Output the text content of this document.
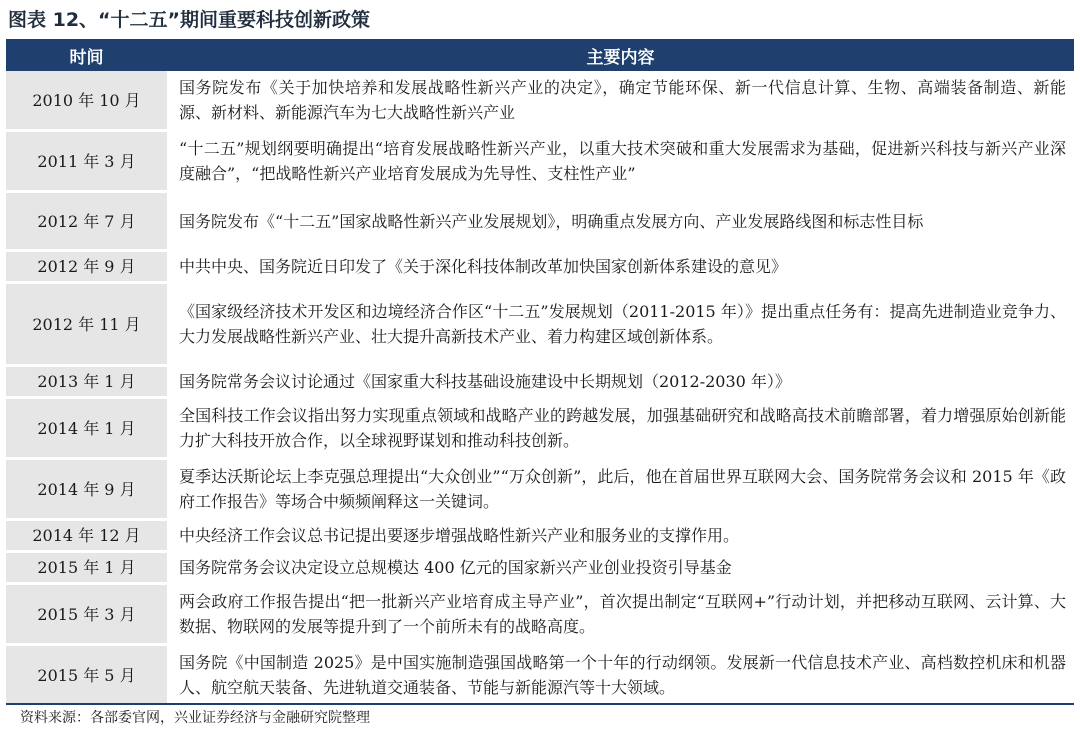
图表 12、“十二五”期间重要科技创新政策
时间	主要内容
2010 年 10 月	国务院发布《关于加快培养和发展战略性新兴产业的决定》，确定节能环保、新一代信息计算、生物、高端装备制造、新能源、新材料、新能源汽车为七大战略性新兴产业
2011 年 3 月	“十二五”规划纲要明确提出“培育发展战略性新兴产业，以重大技术突破和重大发展需求为基础，促进新兴科技与新兴产业深度融合”，“把战略性新兴产业培育发展成为先导性、支柱性产业”
2012 年 7 月	国务院发布《“十二五”国家战略性新兴产业发展规划》，明确重点发展方向、产业发展路线图和标志性目标
2012 年 9 月	中共中央、国务院近日印发了《关于深化科技体制改革加快国家创新体系建设的意见》
2012 年 11 月	《国家级经济技术开发区和边境经济合作区“十二五”发展规划（2011-2015 年）》提出重点任务有：提高先进制造业竞争力、大力发展战略性新兴产业、壮大提升高新技术产业、着力构建区域创新体系。
2013 年 1 月	国务院常务会议讨论通过《国家重大科技基础设施建设中长期规划（2012-2030 年）》
2014 年 1 月	全国科技工作会议指出努力实现重点领域和战略产业的跨越发展，加强基础研究和战略高技术前瞻部署，着力增强原始创新能力扩大科技开放合作，以全球视野谋划和推动科技创新。
2014 年 9 月	夏季达沃斯论坛上李克强总理提出“大众创业”“万众创新”，此后，他在首届世界互联网大会、国务院常务会议和 2015 年《政府工作报告》等场合中频频阐释这一关键词。
2014 年 12 月	中央经济工作会议总书记提出要逐步增强战略性新兴产业和服务业的支撑作用。
2015 年 1 月	国务院常务会议决定设立总规模达 400 亿元的国家新兴产业创业投资引导基金
2015 年 3 月	两会政府工作报告提出“把一批新兴产业培育成主导产业”，首次提出制定“互联网+”行动计划，并把移动互联网、云计算、大数据、物联网的发展等提升到了一个前所未有的战略高度。
2015 年 5 月	国务院《中国制造 2025》是中国实施制造强国战略第一个十年的行动纲领。发展新一代信息技术产业、高档数控机床和机器人、航空航天装备、先进轨道交通装备、节能与新能源汽等十大领域。
资料来源：各部委官网，兴业证券经济与金融研究院整理
